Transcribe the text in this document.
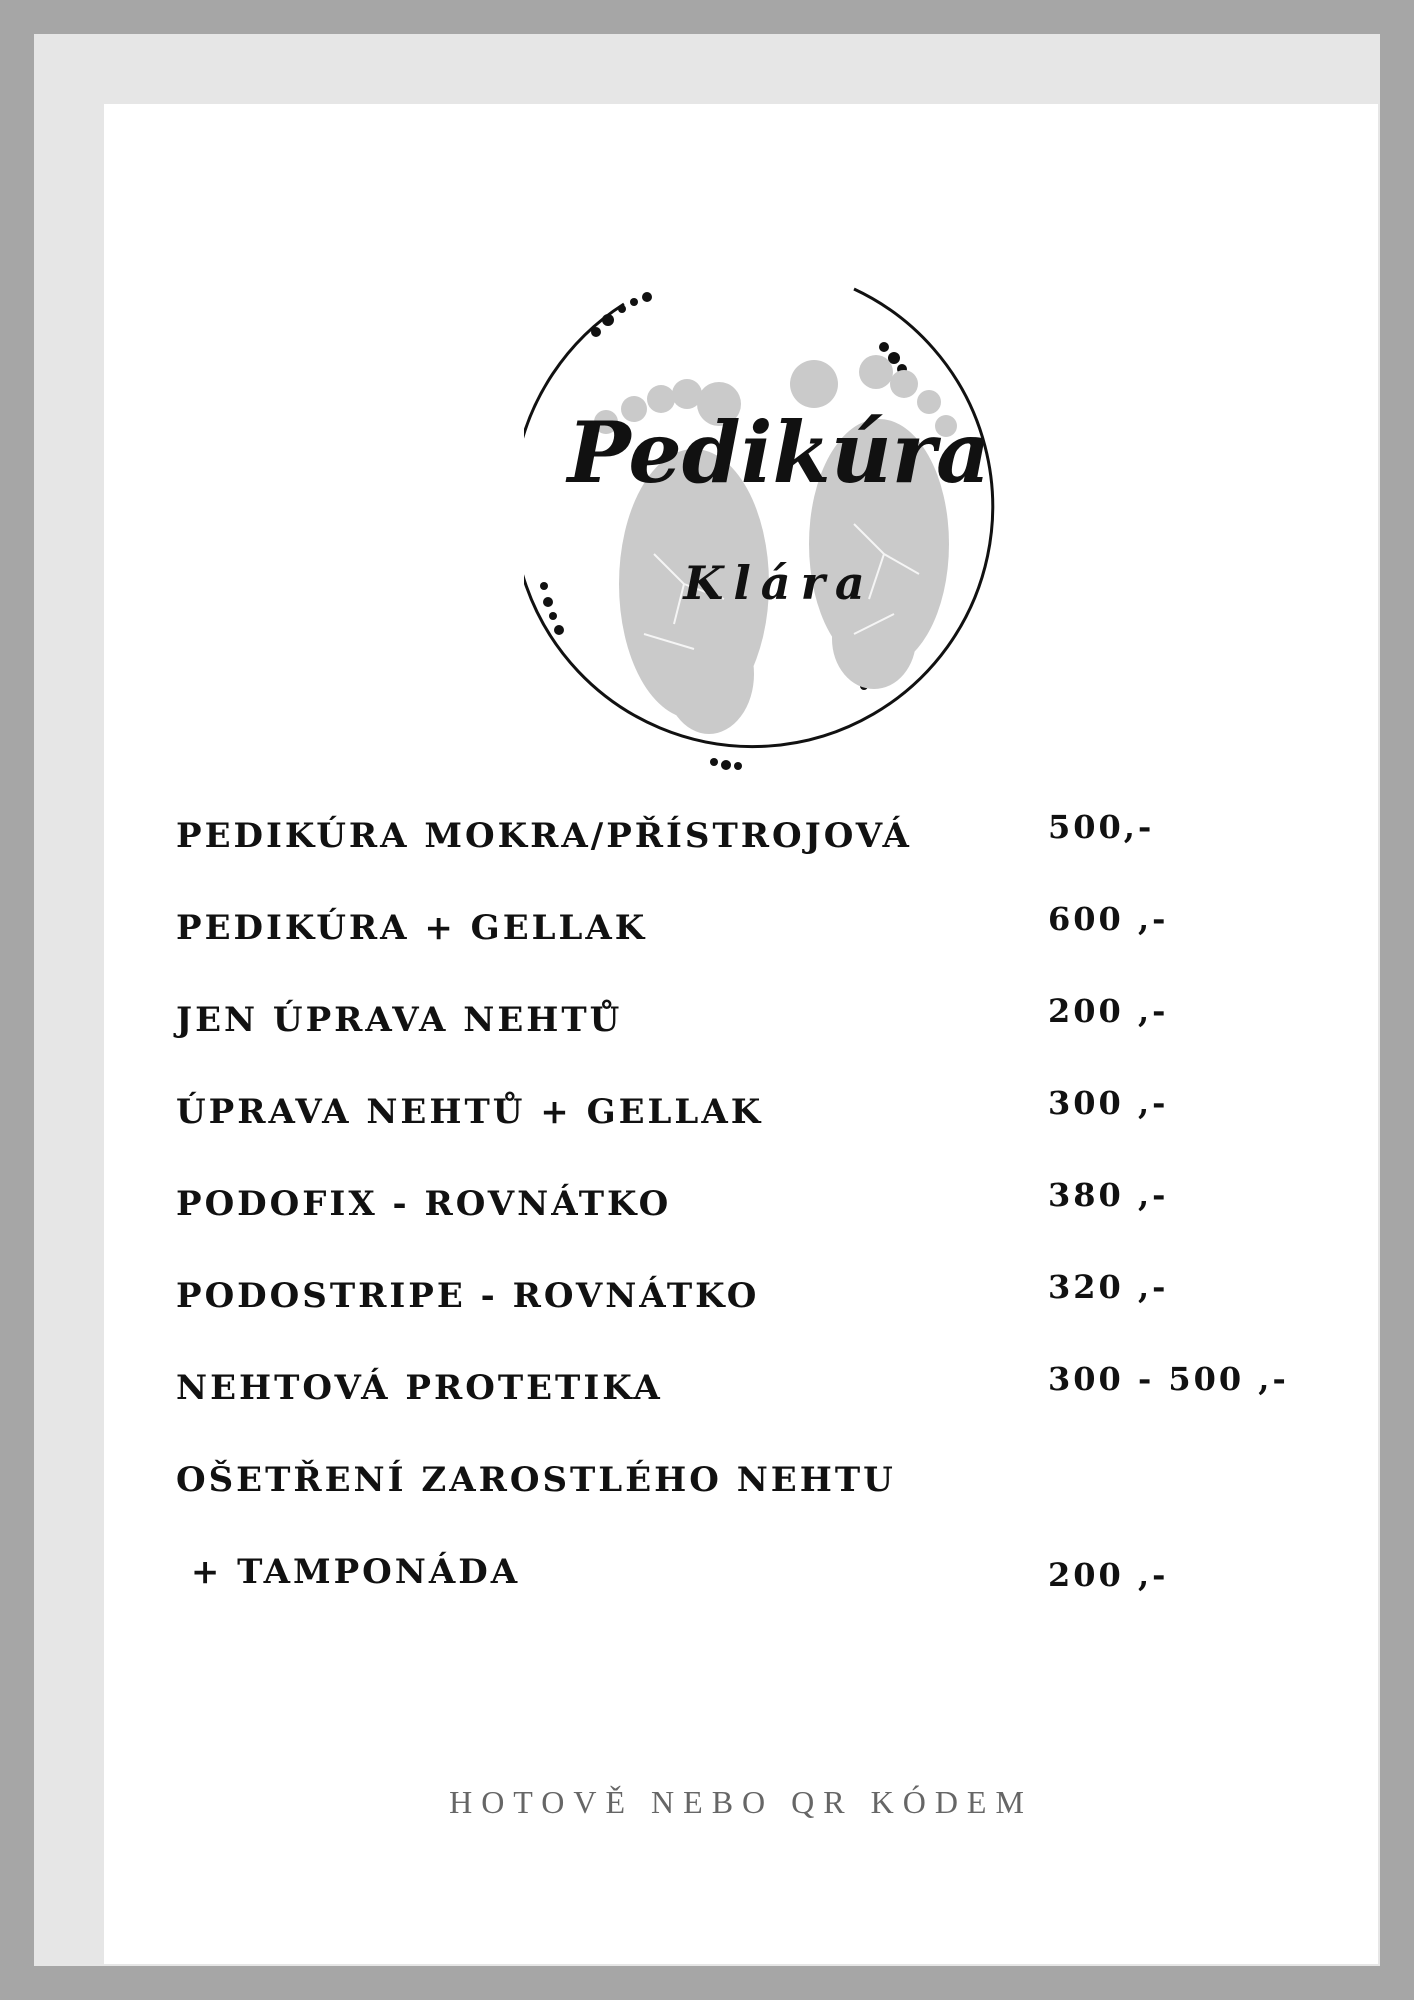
Pedikúra
Klára
PEDIKÚRA MOKRA/PŘÍSTROJOVÁ	500,-
PEDIKÚRA + GELLAK	600 ,-
JEN ÚPRAVA NEHTŮ	200 ,-
ÚPRAVA NEHTŮ + GELLAK	300 ,-
PODOFIX - ROVNÁTKO	380 ,-
PODOSTRIPE - ROVNÁTKO	320 ,-
NEHTOVÁ PROTETIKA	300 - 500 ,-
OŠETŘENÍ ZAROSTLÉHO NEHTU
+ TAMPONÁDA	200 ,-
HOTOVĚ NEBO QR KÓDEM
